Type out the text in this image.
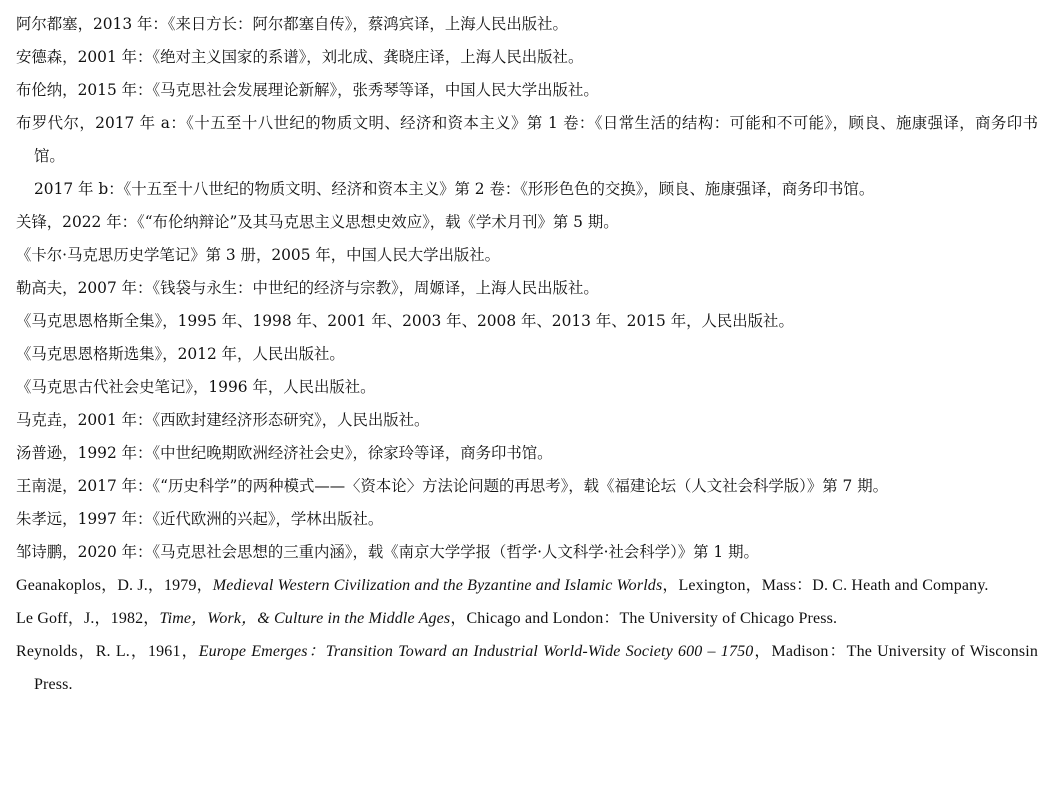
阿尔都塞，2013 年：《来日方长：阿尔都塞自传》，蔡鸿宾译，上海人民出版社。
安德森，2001 年：《绝对主义国家的系谱》，刘北成、龚晓庄译，上海人民出版社。
布伦纳，2015 年：《马克思社会发展理论新解》，张秀琴等译，中国人民大学出版社。
布罗代尔，2017 年 a：《十五至十八世纪的物质文明、经济和资本主义》第 1 卷：《日常生活的结构：可能和不可能》，顾良、施康强译，商务印书馆。
2017 年 b：《十五至十八世纪的物质文明、经济和资本主义》第 2 卷：《形形色色的交换》，顾良、施康强译，商务印书馆。
关锋，2022 年：《“布伦纳辩论”及其马克思主义思想史效应》，载《学术月刊》第 5 期。
《卡尔·马克思历史学笔记》第 3 册，2005 年，中国人民大学出版社。
勒高夫，2007 年：《钱袋与永生：中世纪的经济与宗教》，周嫄译，上海人民出版社。
《马克思恩格斯全集》，1995 年、1998 年、2001 年、2003 年、2008 年、2013 年、2015 年，人民出版社。
《马克思恩格斯选集》，2012 年，人民出版社。
《马克思古代社会史笔记》，1996 年，人民出版社。
马克垚，2001 年：《西欧封建经济形态研究》，人民出版社。
汤普逊，1992 年：《中世纪晚期欧洲经济社会史》，徐家玲等译，商务印书馆。
王南湜，2017 年：《“历史科学”的两种模式——〈资本论〉方法论问题的再思考》，载《福建论坛（人文社会科学版）》第 7 期。
朱孝远，1997 年：《近代欧洲的兴起》，学林出版社。
邹诗鹏，2020 年：《马克思社会思想的三重内涵》，载《南京大学学报（哲学·人文科学·社会科学）》第 1 期。
Geanakoplos，D. J.，1979，Medieval Western Civilization and the Byzantine and Islamic Worlds，Lexington，Mass：D. C. Heath and Company.
Le Goff，J.，1982，Time，Work，& Culture in the Middle Ages，Chicago and London：The University of Chicago Press.
Reynolds，R. L.，1961，Europe Emerges：Transition Toward an Industrial World-Wide Society 600 – 1750，Madison：The University of Wisconsin Press.
